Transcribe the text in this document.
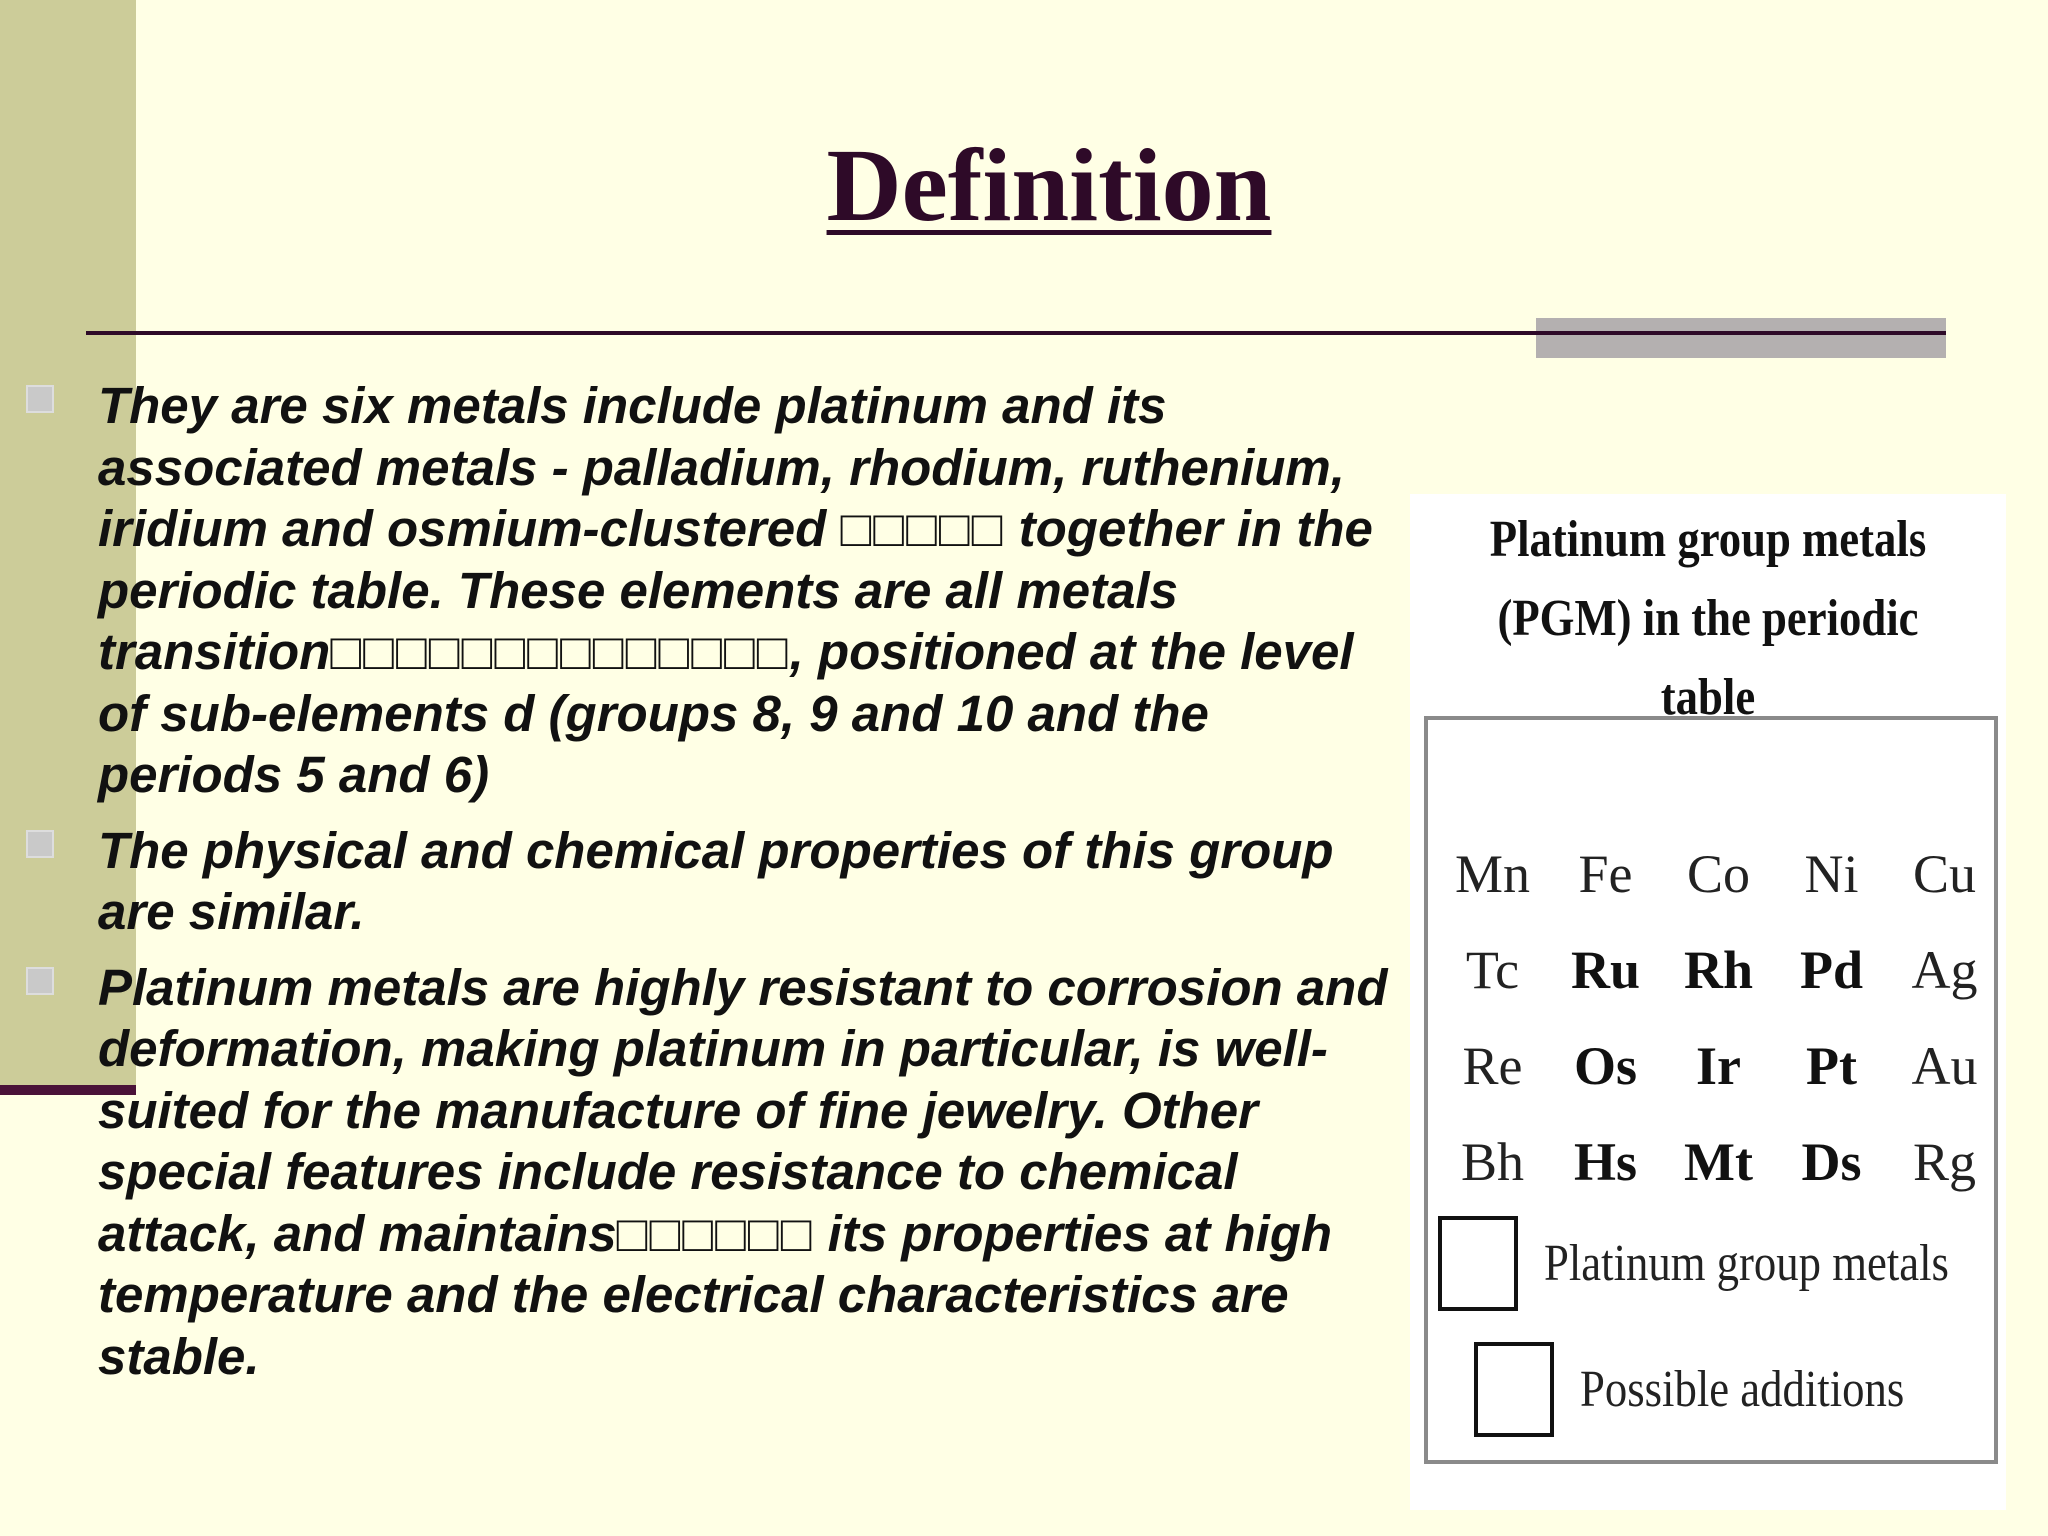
Definition
They are six metals include platinum and its associated metals - palladium, rhodium, ruthenium, iridium and osmium-clustered □□□□□ together in the periodic table. These elements are all metals transition□□□□□□□□□□□□□□, positioned at the level of sub-elements d (groups 8, 9 and 10 and the periods 5 and 6)
The physical and chemical properties of this group are similar.
Platinum metals are highly resistant to corrosion and deformation, making platinum in particular, is well-suited for the manufacture of fine jewelry. Other special features include resistance to chemical attack, and maintains□□□□□□ its properties at high temperature and the electrical characteristics are stable.
Platinum group metals
(PGM) in the periodic
table
Mn Fe	Co	Ni	Cu
Tc Ru Rh Pd Ag
Re Os	Ir	Pt	Au
Bh Hs Mt Ds Rg
Platinum group metals
Possible additions
